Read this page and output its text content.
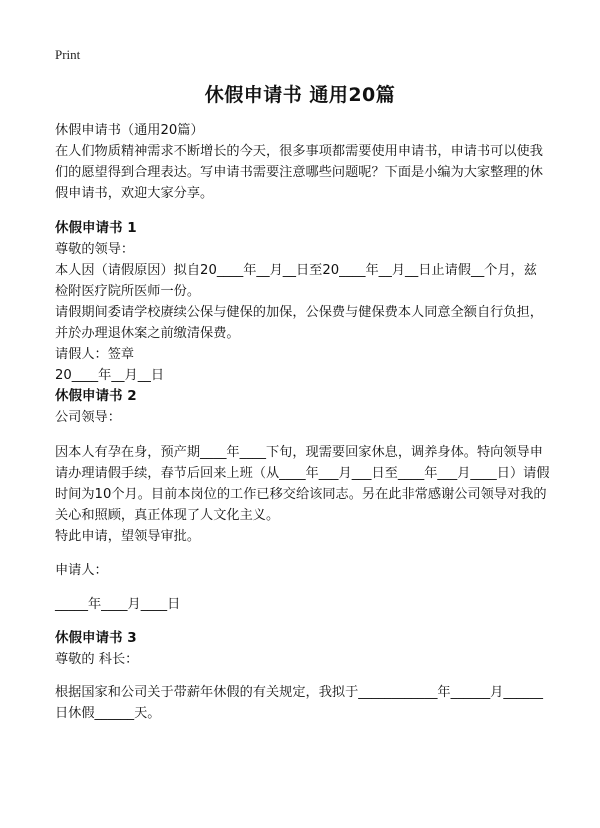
Print
休假申请书 通用20篇

休假申请书（通用20篇）

在人们物质精神需求不断增长的今天，很多事项都需要使用申请书，申请书可以使我们的愿望得到合理表达。写申请书需要注意哪些问题呢？下面是小编为大家整理的休假申请书，欢迎大家分享。

休假申请书 1

尊敬的领导：

本人因（请假原因）拟自20____年__月__日至20____年__月__日止请假__个月，兹检附医疗院所医师一份。

请假期间委请学校赓续公保与健保的加保，公保费与健保费本人同意全额自行负担，并於办理退休案之前缴清保费。

请假人：签章

20____年__月__日

休假申请书 2

公司领导：

因本人有孕在身，预产期____年____下旬，现需要回家休息，调养身体。特向领导申请办理请假手续，春节后回来上班（从____年___月___日至____年___月____日）请假时间为10个月。目前本岗位的工作已移交给该同志。另在此非常感谢公司领导对我的关心和照顾，真正体现了人文化主义。

特此申请，望领导审批。

申请人：

_____年____月____日

休假申请书 3

尊敬的 科长：

根据国家和公司关于带薪年休假的有关规定，我拟于____________年______月______日休假______天。
